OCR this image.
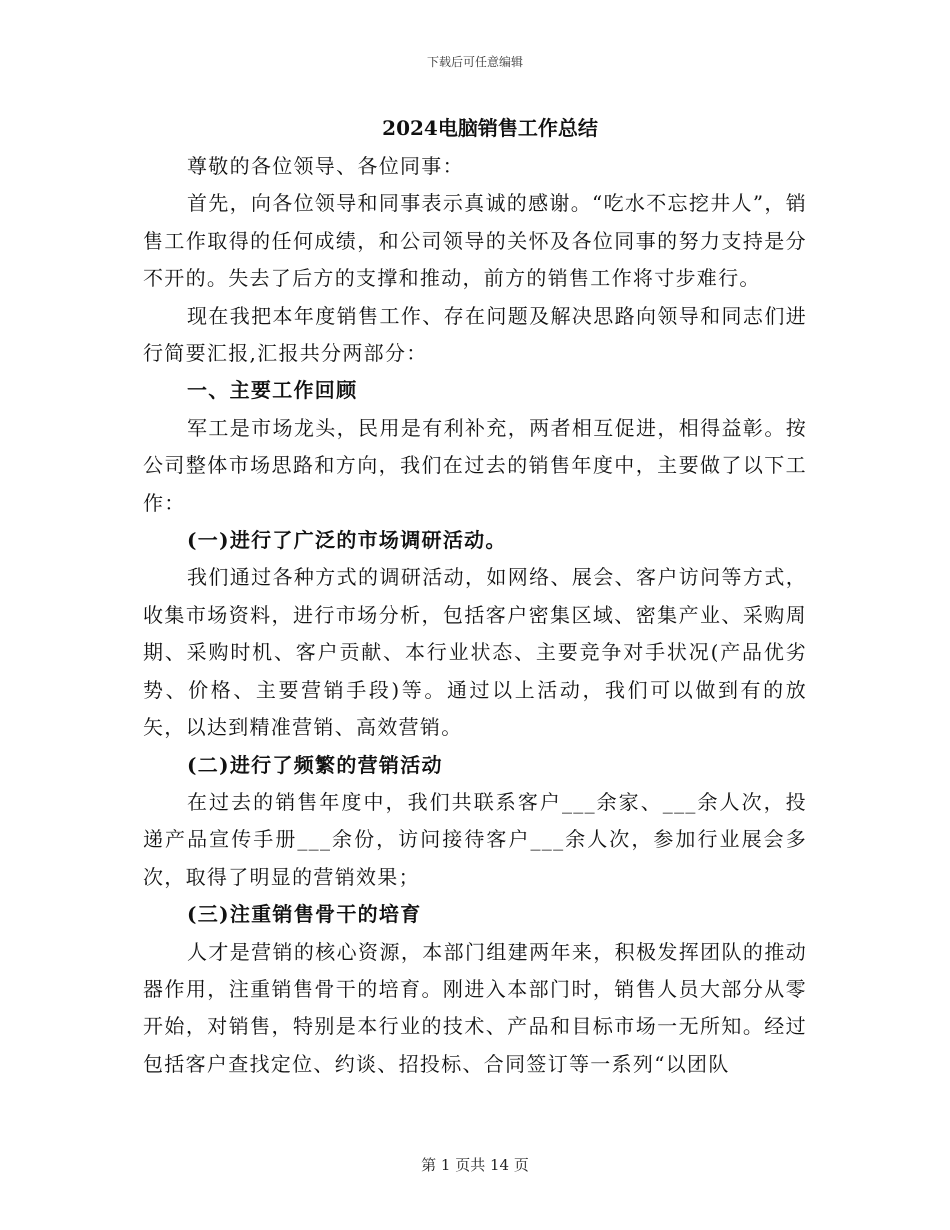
下载后可任意编辑
2024电脑销售工作总结

尊敬的各位领导、各位同事：

首先，向各位领导和同事表示真诚的感谢。“吃水不忘挖井人”，销售工作取得的任何成绩，和公司领导的关怀及各位同事的努力支持是分不开的。失去了后方的支撑和推动，前方的销售工作将寸步难行。

现在我把本年度销售工作、存在问题及解决思路向领导和同志们进行简要汇报,汇报共分两部分：

一、主要工作回顾

军工是市场龙头，民用是有利补充，两者相互促进，相得益彰。按公司整体市场思路和方向，我们在过去的销售年度中，主要做了以下工作：

(一)进行了广泛的市场调研活动。

我们通过各种方式的调研活动，如网络、展会、客户访问等方式，收集市场资料，进行市场分析，包括客户密集区域、密集产业、采购周期、采购时机、客户贡献、本行业状态、主要竞争对手状况(产品优劣势、价格、主要营销手段)等。通过以上活动，我们可以做到有的放矢，以达到精准营销、高效营销。

(二)进行了频繁的营销活动

在过去的销售年度中，我们共联系客户___余家、___余人次，投递产品宣传手册___余份，访问接待客户___余人次，参加行业展会多次，取得了明显的营销效果；

(三)注重销售骨干的培育

人才是营销的核心资源，本部门组建两年来，积极发挥团队的推动器作用，注重销售骨干的培育。刚进入本部门时，销售人员大部分从零开始，对销售，特别是本行业的技术、产品和目标市场一无所知。经过包括客户查找定位、约谈、招投标、合同签订等一系列“以团队

第 1 页共 14 页
